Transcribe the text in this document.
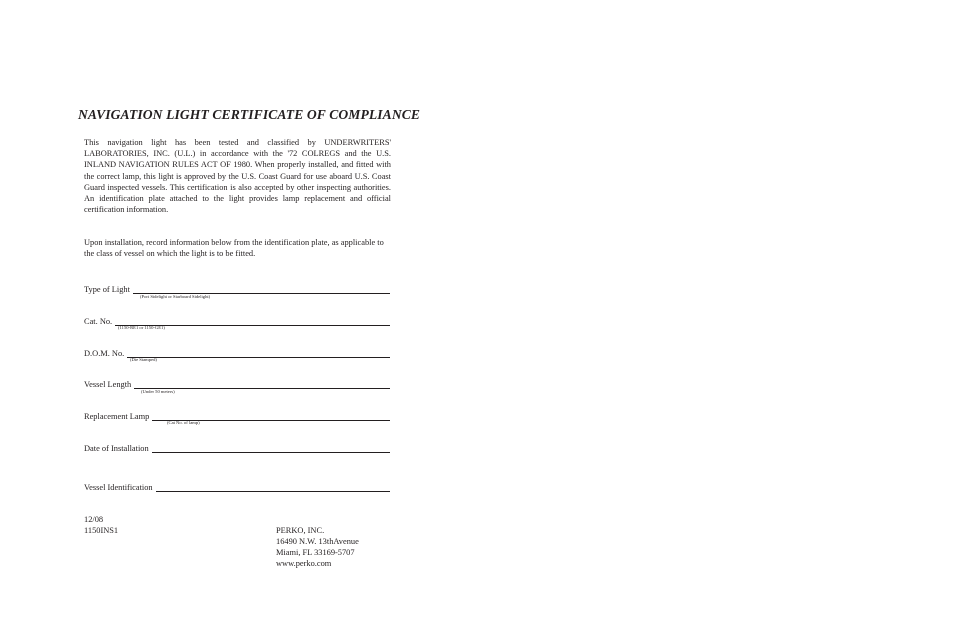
NAVIGATION LIGHT CERTIFICATE OF COMPLIANCE
This navigation light has been tested and classified by UNDERWRITERS' LABORATORIES, INC. (U.L.) in accordance with the '72 COLREGS and the U.S. INLAND NAVIGATION RULES ACT OF 1980. When properly installed, and fitted with the correct lamp, this light is approved by the U.S. Coast Guard for use aboard U.S. Coast Guard inspected vessels. This certification is also accepted by other inspecting authorities. An identification plate attached to the light provides lamp replacement and official certification information.
Upon installation, record information below from the identification plate, as applicable to the class of vessel on which the light is to be fitted.
Type of Light
(Port Sidelight or Starboard Sidelight)
Cat. No.
(1150-RE1 or 1150-GE1)
D.O.M. No.
(Die Stamped)
Vessel Length
(Under 50 meters)
Replacement Lamp
(Cat No. of lamp)
Date of Installation
Vessel Identification
12/08
1150INS1	PERKO, INC.
16490 N.W. 13thAvenue
Miami, FL 33169-5707
www.perko.com
